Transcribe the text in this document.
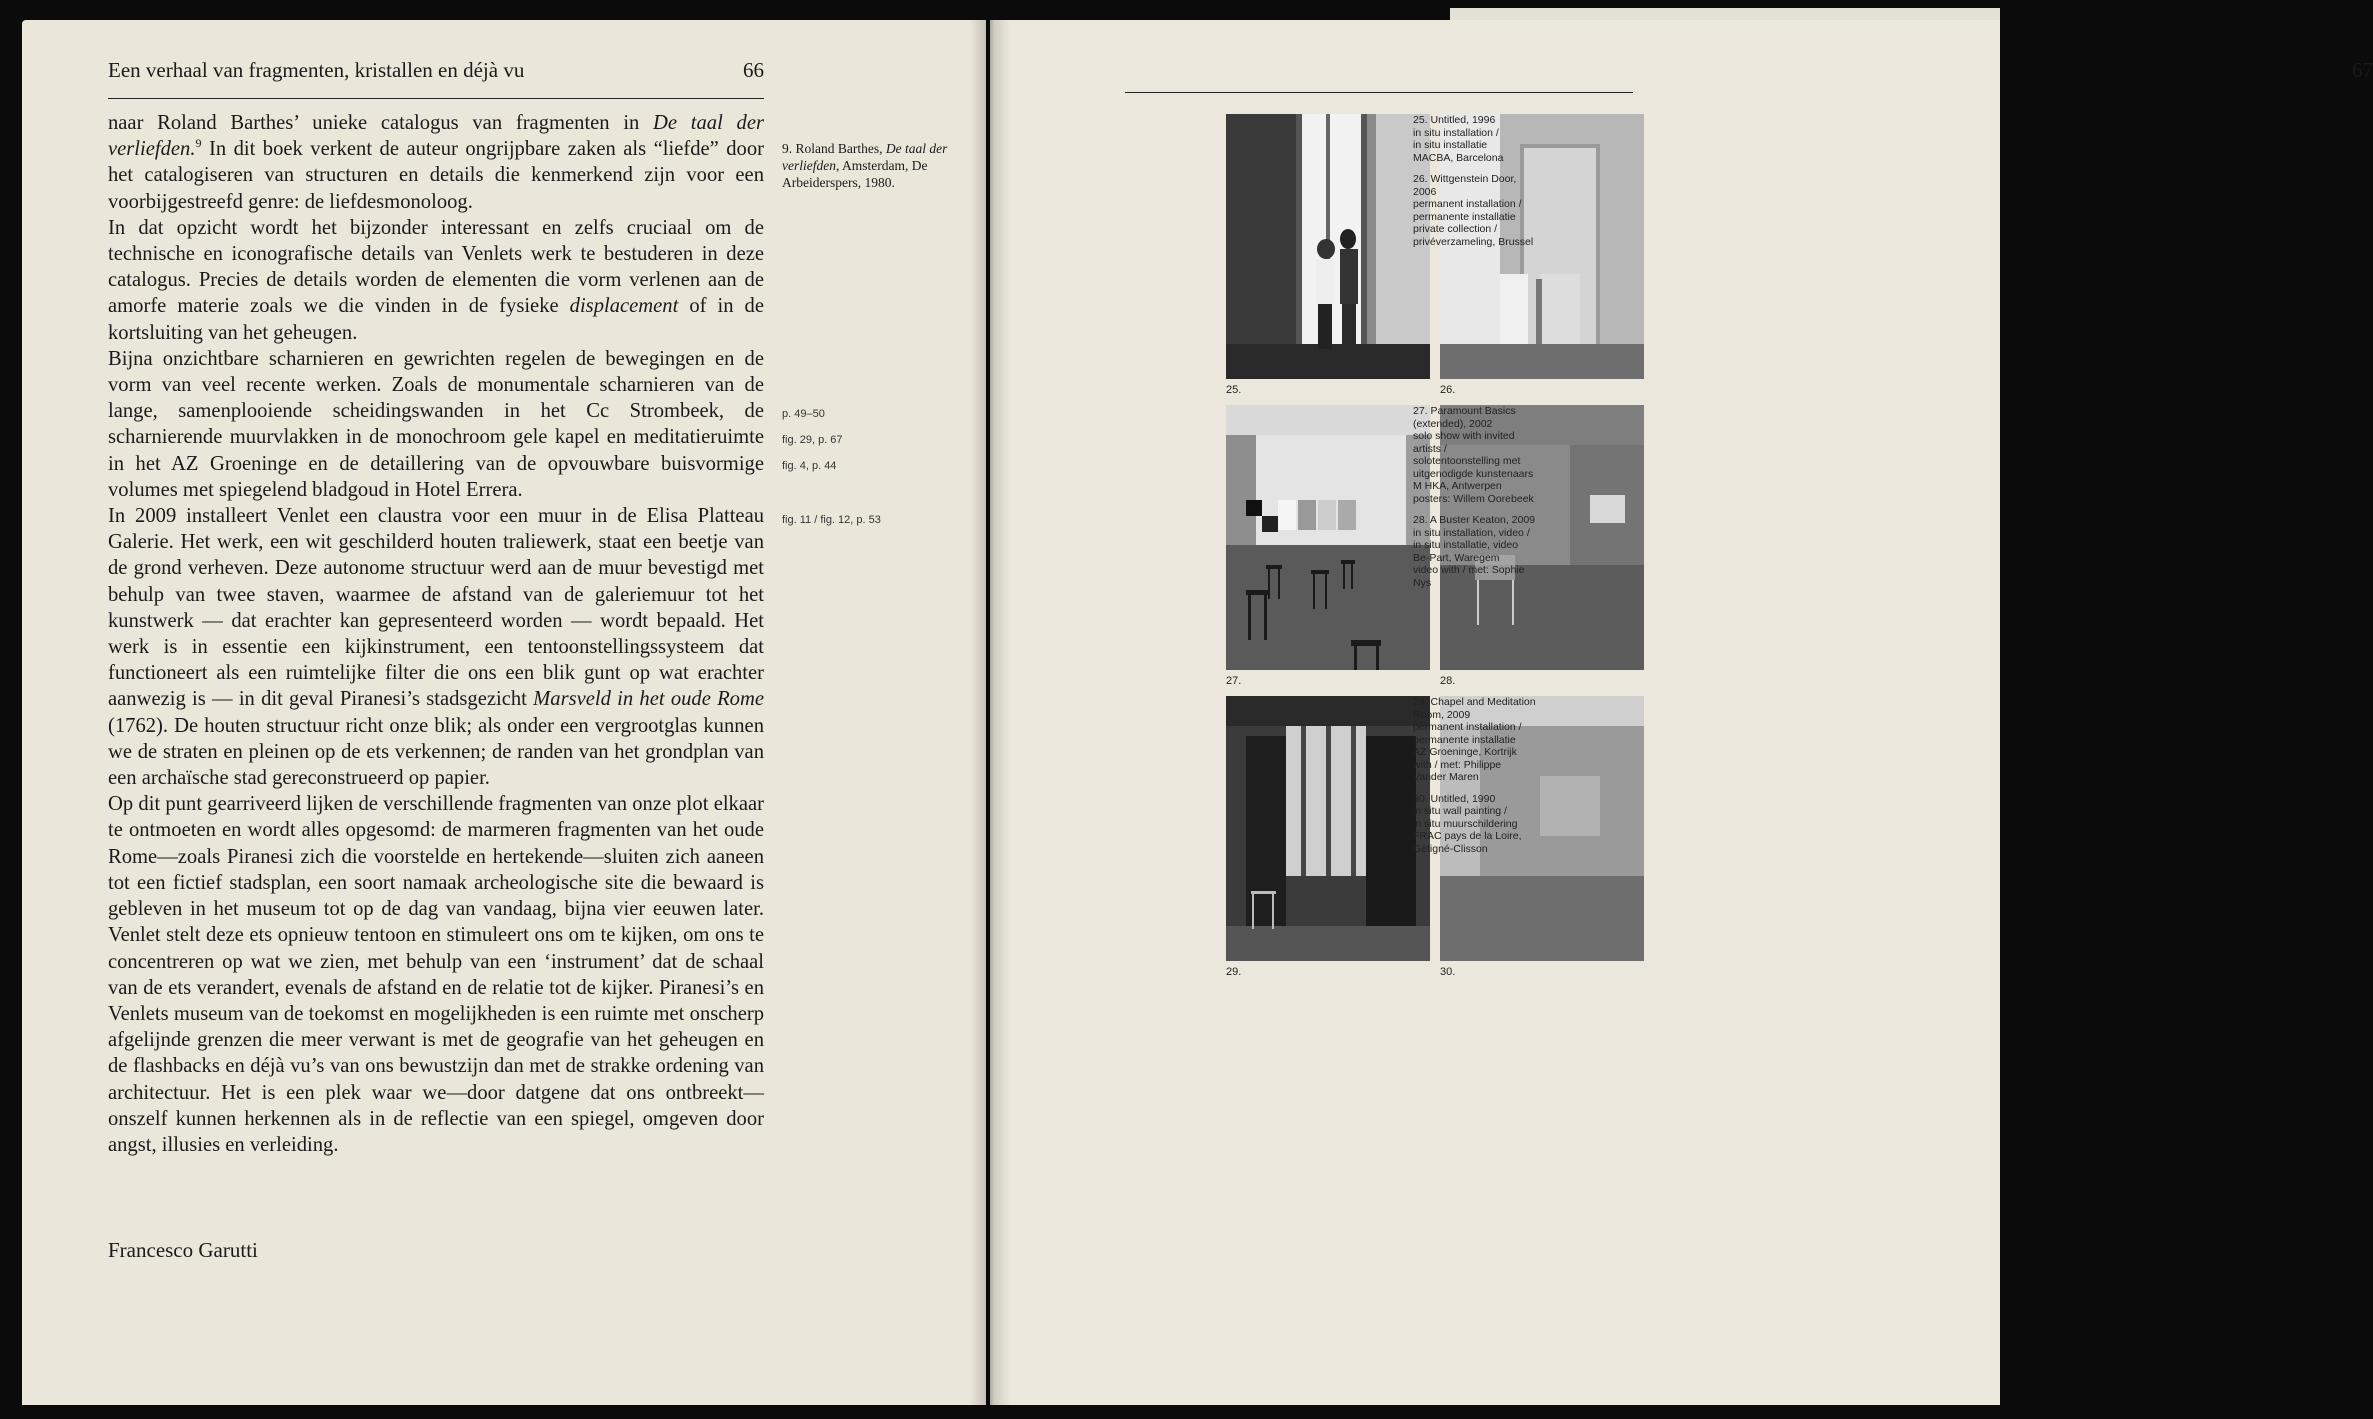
Een verhaal van fragmenten, kristallen en déjà vu	66

naar Roland Barthes’ unieke catalogus van fragmenten in De taal der verliefden.$^9$ In dit boek verkent de auteur ongrijpbare zaken als “liefde” door het catalogiseren van structuren en details die kenmerkend zijn voor een voorbijgestreefd genre: de liefdesmonoloog.

In dat opzicht wordt het bijzonder interessant en zelfs cruciaal om de technische en iconografische details van Venlets werk te bestuderen in deze catalogus. Precies de details worden de elementen die vorm verlenen aan de amorfe materie zoals we die vinden in de fysieke displacement of in de kortsluiting van het geheugen.

Bijna onzichtbare scharnieren en gewrichten regelen de bewegingen en de vorm van veel recente werken. Zoals de monumentale scharnieren van de lange, samenplooiende scheidingswanden in het Cc Strombeek, de scharnierende muurvlakken in de monochroom gele kapel en meditatieruimte in het AZ Groeninge en de detaillering van de opvouwbare buisvormige volumes met spiegelend bladgoud in Hotel Errera.

In 2009 installeert Venlet een claustra voor een muur in de Elisa Platteau Galerie. Het werk, een wit geschilderd houten traliewerk, staat een beetje van de grond verheven. Deze autonome structuur werd aan de muur bevestigd met behulp van twee staven, waarmee de afstand van de galeriemuur tot het kunstwerk — dat erachter kan gepresenteerd worden — wordt bepaald. Het werk is in essentie een kijkinstrument, een tentoonstellingssysteem dat functioneert als een ruimtelijke filter die ons een blik gunt op wat erachter aanwezig is — in dit geval Piranesi’s stadsgezicht Marsveld in het oude Rome (1762). De houten structuur richt onze blik; als onder een vergrootglas kunnen we de straten en pleinen op de ets verkennen; de randen van het grondplan van een archaïsche stad gereconstrueerd op papier.

Op dit punt gearriveerd lijken de verschillende fragmenten van onze plot elkaar te ontmoeten en wordt alles opgesomd: de marmeren fragmenten van het oude Rome—zoals Piranesi zich die voorstelde en hertekende—sluiten zich aaneen tot een fictief stadsplan, een soort namaak archeologische site die bewaard is gebleven in het museum tot op de dag van vandaag, bijna vier eeuwen later. Venlet stelt deze ets opnieuw tentoon en stimuleert ons om te kijken, om ons te concentreren op wat we zien, met behulp van een ‘instrument’ dat de schaal van de ets verandert, evenals de afstand en de relatie tot de kijker. Piranesi’s en Venlets museum van de toekomst en mogelijkheden is een ruimte met onscherp afgelijnde grenzen die meer verwant is met de geografie van het geheugen en de flashbacks en déjà vu’s van ons bewustzijn dan met de strakke ordening van architectuur. Het is een plek waar we—door datgene dat ons ontbreekt—onszelf kunnen herkennen als in de reflectie van een spiegel, omgeven door angst, illusies en verleiding.

Francesco Garutti
9. Roland Barthes, De taal der verliefden, Amsterdam, De Arbeiderspers, 1980.
p. 49–50
fig. 29, p. 67
fig. 4, p. 44
fig. 11 / fig. 12, p. 53
67
25.	26.
27.	28.
29.	30.
25. Untitled, 1996
in situ installation /
in situ installatie
MACBA, Barcelona
26. Wittgenstein Door, 2006
permanent installation /
permanente installatie
private collection /
privéverzameling, Brussel
27. Paramount Basics
(extended), 2002
solo show with invited artists /
solotentoonstelling met
uitgenodigde kunstenaars
M HKA, Antwerpen
posters: Willem Oorebeek
28. A Buster Keaton, 2009
in situ installation, video /
in situ installatie, video
Be-Part, Waregem
video with / met: Sophie Nys
29. Chapel and Meditation
Room, 2009
permanent installation /
permanente installatie
AZ Groeninge, Kortrijk
with / met: Philippe
Vander Maren
30. Untitled, 1990
in situ wall painting /
in situ muurschildering
FRAC pays de la Loire,
Gétigné-Clisson
